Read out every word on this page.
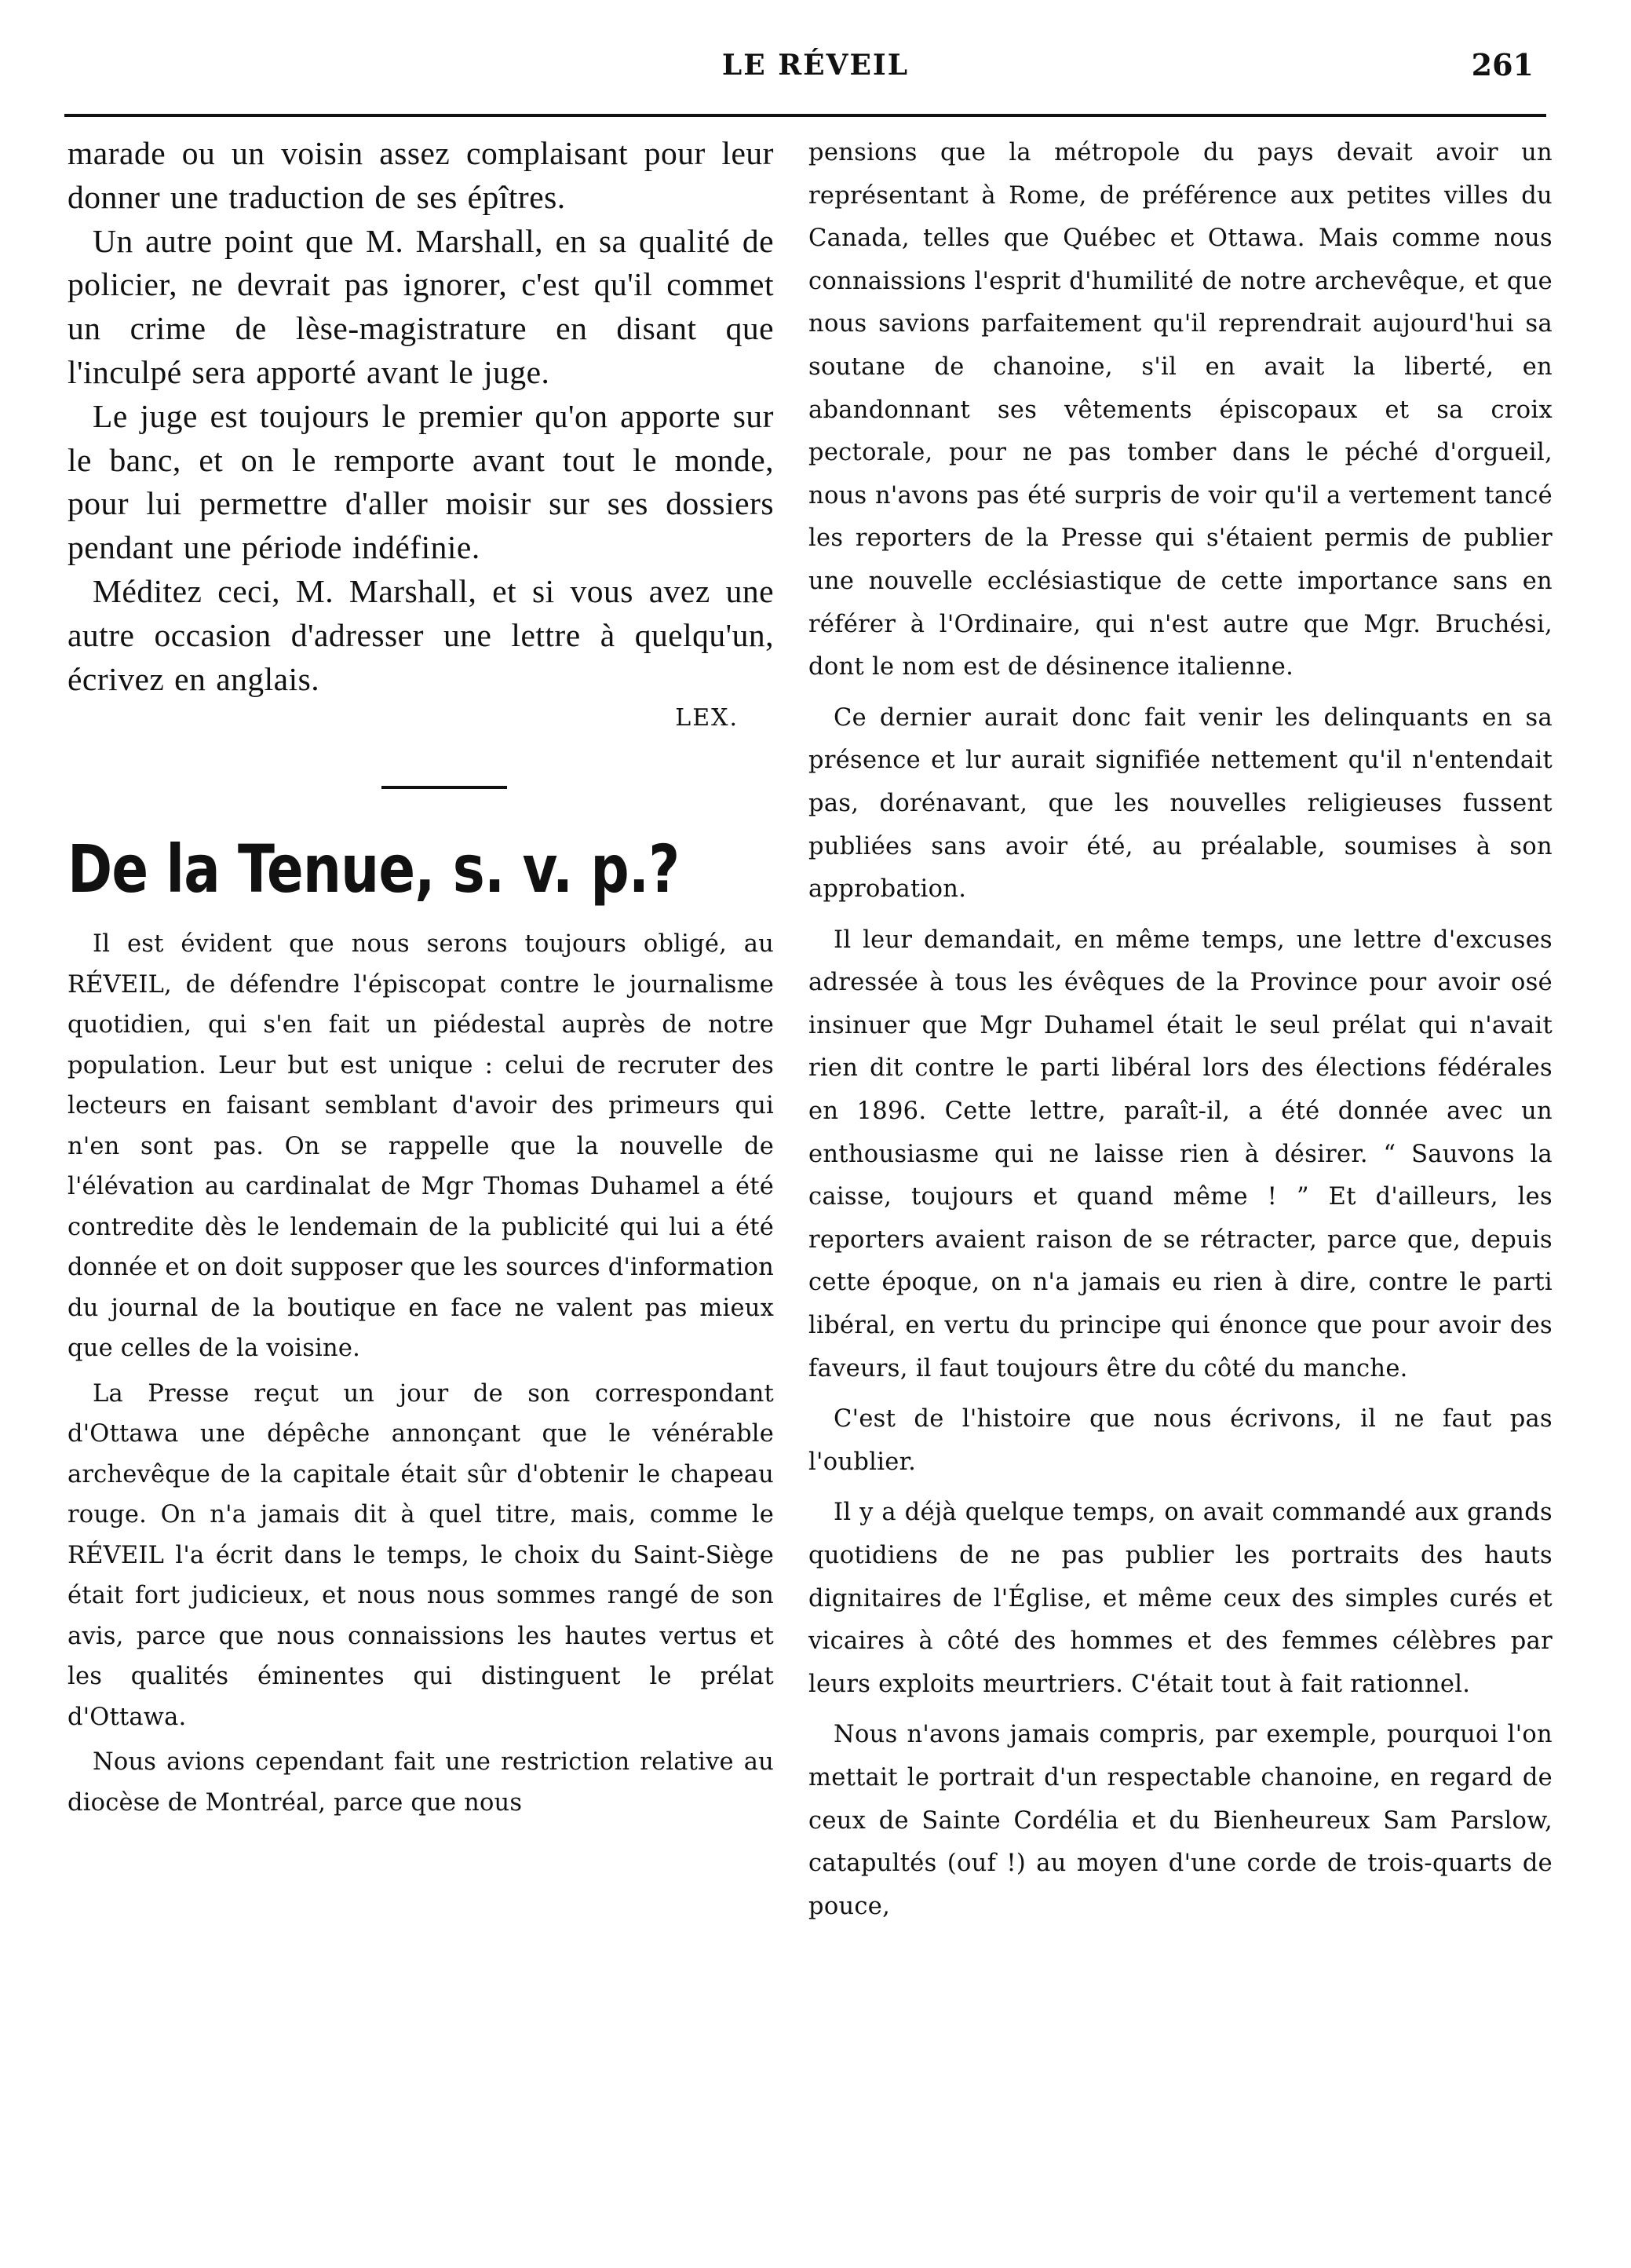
LE RÉVEIL	261

marade ou un voisin assez complaisant pour leur donner une traduction de ses épîtres.

Un autre point que M. Marshall, en sa qualité de policier, ne devrait pas ignorer, c'est qu'il commet un crime de lèse-magistrature en disant que l'inculpé sera apporté avant le juge.

Le juge est toujours le premier qu'on apporte sur le banc, et on le remporte avant tout le monde, pour lui permettre d'aller moisir sur ses dossiers pendant une période indéfinie.

Méditez ceci, M. Marshall, et si vous avez une autre occasion d'adresser une lettre à quelqu'un, écrivez en anglais.

LEX.
De la Tenue, s. v. p.?

Il est évident que nous serons toujours obligé, au RÉVEIL, de défendre l'épiscopat contre le journalisme quotidien, qui s'en fait un piédestal auprès de notre population. Leur but est unique : celui de recruter des lecteurs en faisant semblant d'avoir des primeurs qui n'en sont pas. On se rappelle que la nouvelle de l'élévation au cardinalat de Mgr Thomas Duhamel a été contredite dès le lendemain de la publicité qui lui a été donnée et on doit supposer que les sources d'information du journal de la boutique en face ne valent pas mieux que celles de la voisine.

La Presse reçut un jour de son correspondant d'Ottawa une dépêche annonçant que le vénérable archevêque de la capitale était sûr d'obtenir le chapeau rouge. On n'a jamais dit à quel titre, mais, comme le RÉVEIL l'a écrit dans le temps, le choix du Saint-Siège était fort judicieux, et nous nous sommes rangé de son avis, parce que nous connaissions les hautes vertus et les qualités éminentes qui distinguent le prélat d'Ottawa.

Nous avions cependant fait une restriction relative au diocèse de Montréal, parce que nous

pensions que la métropole du pays devait avoir un représentant à Rome, de préférence aux petites villes du Canada, telles que Québec et Ottawa. Mais comme nous connaissions l'esprit d'humilité de notre archevêque, et que nous savions parfaitement qu'il reprendrait aujourd'hui sa soutane de chanoine, s'il en avait la liberté, en abandonnant ses vêtements épiscopaux et sa croix pectorale, pour ne pas tomber dans le péché d'orgueil, nous n'avons pas été surpris de voir qu'il a vertement tancé les reporters de la Presse qui s'étaient permis de publier une nouvelle ecclésiastique de cette importance sans en référer à l'Ordinaire, qui n'est autre que Mgr. Bruchési, dont le nom est de désinence italienne.

Ce dernier aurait donc fait venir les delinquants en sa présence et lur aurait signifiée nettement qu'il n'entendait pas, dorénavant, que les nouvelles religieuses fussent publiées sans avoir été, au préalable, soumises à son approbation.

Il leur demandait, en même temps, une lettre d'excuses adressée à tous les évêques de la Province pour avoir osé insinuer que Mgr Duhamel était le seul prélat qui n'avait rien dit contre le parti libéral lors des élections fédérales en 1896. Cette lettre, paraît-il, a été donnée avec un enthousiasme qui ne laisse rien à désirer. “ Sauvons la caisse, toujours et quand même ! ” Et d'ailleurs, les reporters avaient raison de se rétracter, parce que, depuis cette époque, on n'a jamais eu rien à dire, contre le parti libéral, en vertu du principe qui énonce que pour avoir des faveurs, il faut toujours être du côté du manche.

C'est de l'histoire que nous écrivons, il ne faut pas l'oublier.

Il y a déjà quelque temps, on avait commandé aux grands quotidiens de ne pas publier les portraits des hauts dignitaires de l'Église, et même ceux des simples curés et vicaires à côté des hommes et des femmes célèbres par leurs exploits meurtriers. C'était tout à fait rationnel.

Nous n'avons jamais compris, par exemple, pourquoi l'on mettait le portrait d'un respectable chanoine, en regard de ceux de Sainte Cordélia et du Bienheureux Sam Parslow, catapultés (ouf !) au moyen d'une corde de trois-quarts de pouce,
